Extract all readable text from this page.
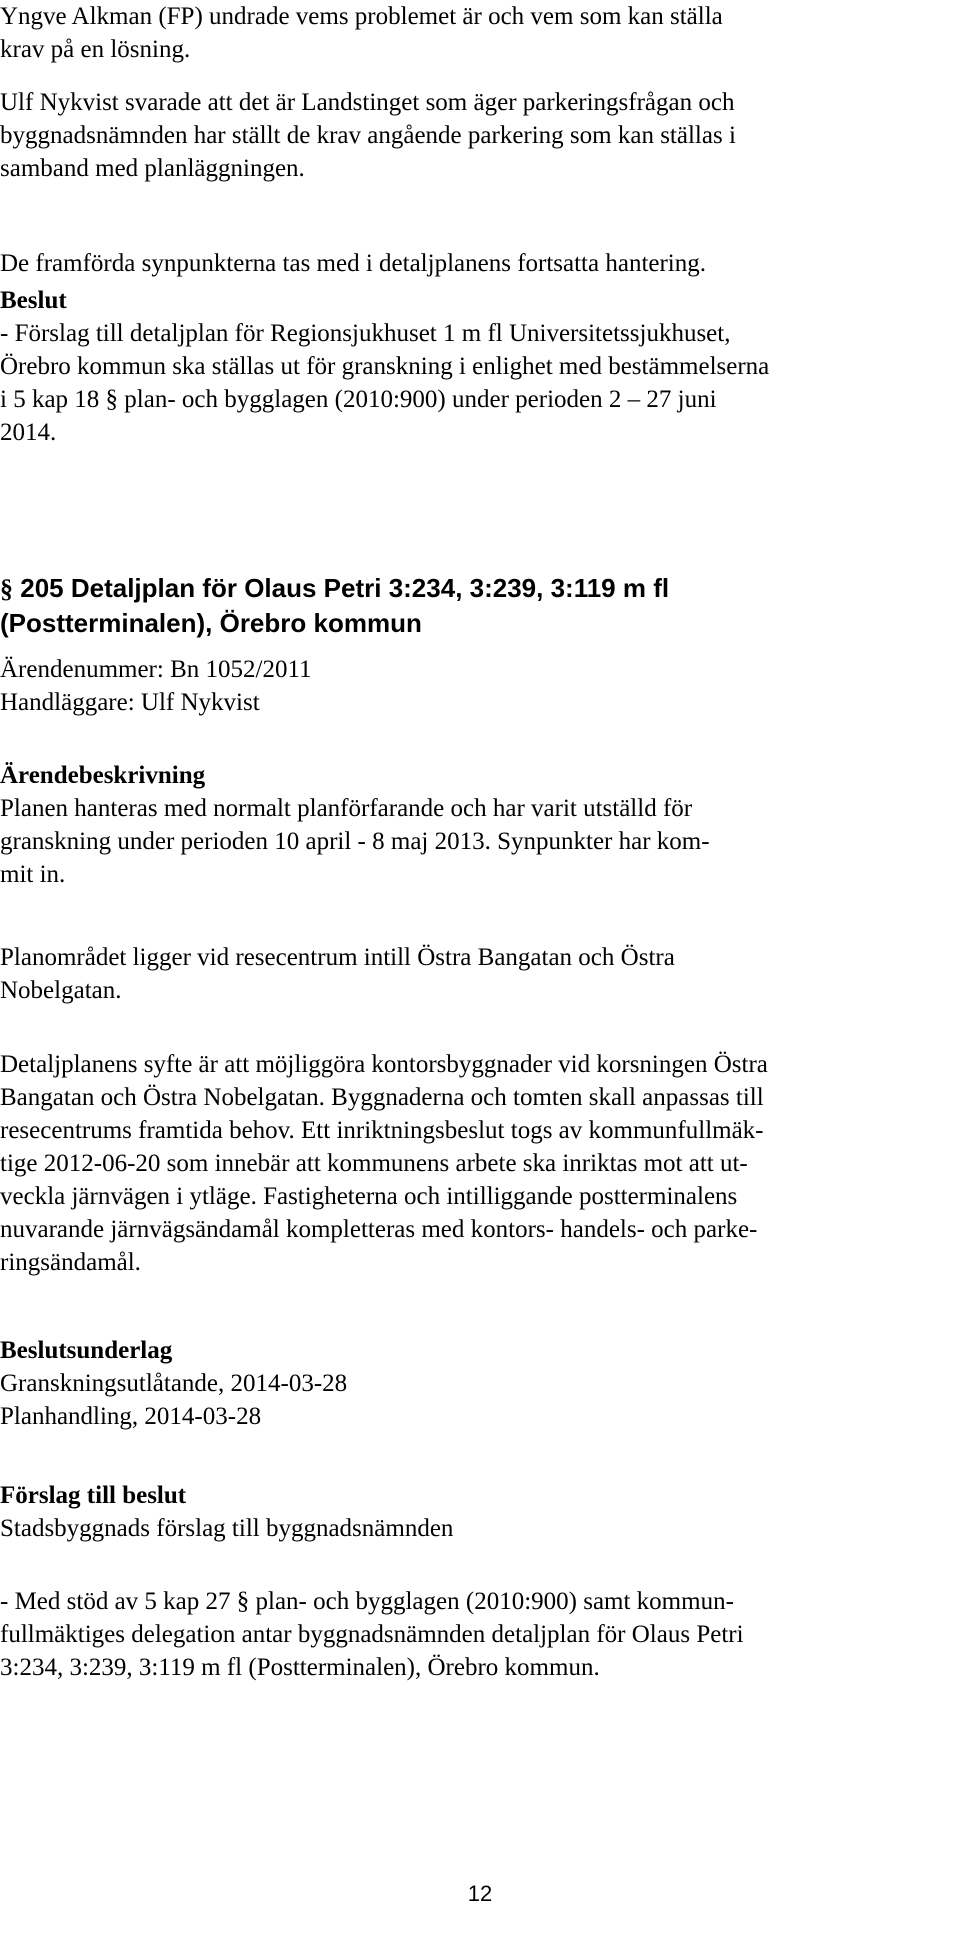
Yngve Alkman (FP) undrade vems problemet är och vem som kan ställa
krav på en lösning.

Ulf Nykvist svarade att det är Landstinget som äger parkeringsfrågan och
byggnadsnämnden har ställt de krav angående parkering som kan ställas i
samband med planläggningen.

De framförda synpunkterna tas med i detaljplanens fortsatta hantering.

Beslut
- Förslag till detaljplan för Regionsjukhuset 1 m fl Universitetssjukhuset,
Örebro kommun ska ställas ut för granskning i enlighet med bestämmelserna
i 5 kap 18 § plan- och bygglagen (2010:900) under perioden 2 – 27 juni
2014.
§ 205 Detaljplan för Olaus Petri 3:234, 3:239, 3:119 m fl
(Postterminalen), Örebro kommun
Ärendenummer: Bn 1052/2011
Handläggare: Ulf Nykvist
Ärendebeskrivning
Planen hanteras med normalt planförfarande och har varit utställd för
granskning under perioden 10 april - 8 maj 2013. Synpunkter har kom-
mit in.

Planområdet ligger vid resecentrum intill Östra Bangatan och Östra
Nobelgatan.

Detaljplanens syfte är att möjliggöra kontorsbyggnader vid korsningen Östra
Bangatan och Östra Nobelgatan. Byggnaderna och tomten skall anpassas till
resecentrums framtida behov. Ett inriktningsbeslut togs av kommunfullmäk-
tige 2012-06-20 som innebär att kommunens arbete ska inriktas mot att ut-
veckla järnvägen i ytläge. Fastigheterna och intilliggande postterminalens
nuvarande järnvägsändamål kompletteras med kontors- handels- och parke-
ringsändamål.

Beslutsunderlag
Granskningsutlåtande, 2014-03-28
Planhandling, 2014-03-28
Förslag till beslut
Stadsbyggnads förslag till byggnadsnämnden

- Med stöd av 5 kap 27 § plan- och bygglagen (2010:900) samt kommun-
fullmäktiges delegation antar byggnadsnämnden detaljplan för Olaus Petri
3:234, 3:239, 3:119 m fl (Postterminalen), Örebro kommun.

12
